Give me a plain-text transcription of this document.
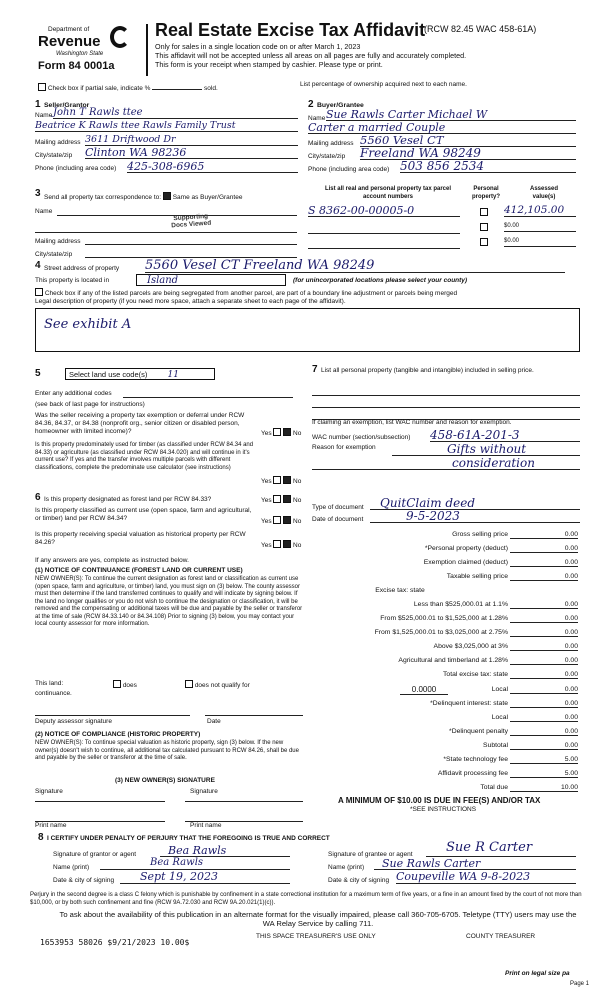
Department of
Revenue
Washington State
Form 84 0001a
Real Estate Excise Tax Affidavit
(RCW 82.45 WAC 458-61A)
Only for sales in a single location code on or after March 1, 2023
This affidavit will not be accepted unless all areas on all pages are fully and accurately completed.
This form is your receipt when stamped by cashier. Please type or print.
Check box if partial sale, indicate %	sold.
List percentage of ownership acquired next to each name.
1 Seller/Grantor
Name John T Rawls ttee
Beatrice K Rawls ttee Rawls Family Trust
Mailing address 3611 Driftwood Dr
City/state/zip Clinton WA 98236
Phone (including area code) 425-308-6965
2 Buyer/Grantee
Name Sue Rawls Carter Michael W
Carter a married Couple
Mailing address 5560 Vesel CT
City/state/zip Freeland WA 98249
Phone (including area code) 503 856 2534
3 Send all property tax correspondence to: Same as Buyer/Grantee
Name
Supporting Docs Viewed
Mailing address
City/state/zip
List all real and personal property tax parcel account numbers
Personal property?
Assessed value(s)
S 8362-00-00005-0	412,105.00
$0.00
$0.00
4 Street address of property 5560 Vesel CT Freeland WA 98249
This property is located in	Island	(for unincorporated locations please select your county)
Check box if any of the listed parcels are being segregated from another parcel, are part of a boundary line adjustment or parcels being merged
Legal description of property (if you need more space, attach a separate sheet to each page of the affidavit).
See exhibit A
5	Select land use code(s) 11
Enter any additional codes
(see back of last page for instructions)
Was the seller receiving a property tax exemption or deferral under RCW 84.36, 84.37, or 84.38 (nonprofit org., senior citizen or disabled person, homeowner with limited income)?	Yes	No
Is this property predominately used for timber (as classified under RCW 84.34 and 84.33) or agriculture (as classified under RCW 84.34.020) and will continue in it's current use? If yes and the transfer involves multiple parcels with different classifications, complete the predominate use calculator (see instructions)
Yes	No
6 Is this property designated as forest land per RCW 84.33?	Yes	No
Is this property classified as current use (open space, farm and agricultural, or timber) land per RCW 84.34?	Yes	No
Is this property receiving special valuation as historical property per RCW 84.26?	Yes	No
If any answers are yes, complete as instructed below.
(1) NOTICE OF CONTINUANCE (FOREST LAND OR CURRENT USE)
NEW OWNER(S): To continue the current designation as forest land or classification as current use (open space, farm and agriculture, or timber) land, you must sign on (3) below. The county assessor must then determine if the land transferred continues to qualify and will indicate by signing below. If the land no longer qualifies or you do not wish to continue the designation or classification, it will be removed and the compensating or additional taxes will be due and payable by the seller or transferor at the time of sale (RCW 84.33.140 or 84.34.108) Prior to signing (3) below, you may contact your local county assessor for more information.
This land:	does	does not qualify for
continuance.
Deputy assessor signature	Date
(2) NOTICE OF COMPLIANCE (HISTORIC PROPERTY)
NEW OWNER(S): To continue special valuation as historic property, sign (3) below. If the new owner(s) doesn't wish to continue, all additional tax calculated pursuant to RCW 84.26, shall be due and payable by the seller or transferor at the time of sale.
(3) NEW OWNER(S) SIGNATURE
Signature	Signature
Print name	Print name
7 List all personal property (tangible and intangible) included in selling price.
If claiming an exemption, list WAC number and reason for exemption.
WAC number (section/subsection) 458-61A-201-3
Reason for exemption	Gifts without
consideration
Type of document	QuitClaim deed
Date of document	9-5-2023
Gross selling price	0.00
*Personal property (deduct)	0.00
Exemption claimed (deduct)	0.00
Taxable selling price	0.00
Excise tax: state
Less than $525,000.01 at 1.1%	0.00
From $525,000.01 to $1,525,000 at 1.28%	0.00
From $1,525,000.01 to $3,025,000 at 2.75%	0.00
Above $3,025,000 at 3%	0.00
Agricultural and timberland at 1.28%	0.00
Total excise tax: state	0.00
0.0000	Local	0.00
*Delinquent interest: state	0.00
Local	0.00
*Delinquent penalty	0.00
Subtotal	0.00
*State technology fee	5.00
Affidavit processing fee	5.00
Total due	10.00
A MINIMUM OF $10.00 IS DUE IN FEE(S) AND/OR TAX
*SEE INSTRUCTIONS
8 I CERTIFY UNDER PENALTY OF PERJURY THAT THE FOREGOING IS TRUE AND CORRECT
Signature of grantor or agent	Bea Rawls
Name (print)	Bea Rawls
Date & city of signing	Sept 19, 2023
Signature of grantee or agent	Sue R Carter
Name (print)	Sue Rawls Carter
Date & city of signing Coupeville WA 9-8-2023
Perjury in the second degree is a class C felony which is punishable by confinement in a state correctional institution for a maximum term of five years, or a fine in an amount fixed by the court of not more than $10,000, or by both such confinement and fine (RCW 9A.72.030 and RCW 9A.20.021(1)(c)).
To ask about the availability of this publication in an alternate format for the visually impaired, please call 360-705-6705. Teletype (TTY) users may use the WA Relay Service by calling 711.
1653953 58026 $9/21/2023 10.00$
THIS SPACE TREASURER'S USE ONLY	COUNTY TREASURER
Print on legal size pa
Page 1
